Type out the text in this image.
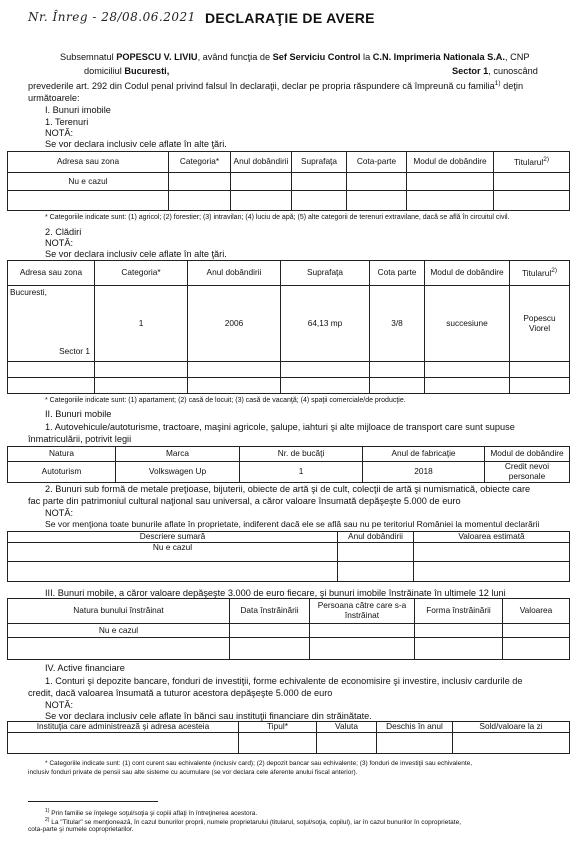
Nr. Înreg - 28/08.06.2021 DECLARAŢIE DE AVERE
Subsemnatul POPESCU V. LIVIU, având funcţia de Sef Serviciu Control la C.N. Imprimeria Nationala S.A., CNP
domiciliul Bucuresti,	Sector 1, cunoscând
prevederile art. 292 din Codul penal privind falsul în declaraţii, declar pe propria răspundere că împreună cu familia$^{1)}$ deţin
următoarele:
I. Bunuri imobile
1. Terenuri
NOTĂ:
Se vor declara inclusiv cele aflate în alte ţări.
Adresa sau zona	Categoria*	Anul dobândirii	Suprafaţa	Cota-parte	Modul de dobândire	Titularul$^{2)}$
Nu e cazul						

* Categoriile indicate sunt: (1) agricol; (2) forestier; (3) intravilan; (4) luciu de apă; (5) alte categorii de terenuri extravilane, dacă se află în circuitul civil.
2. Clădiri
NOTĂ:
Se vor declara inclusiv cele aflate în alte ţări.
Adresa sau zona	Categoria*	Anul dobândirii	Suprafaţa	Cota parte	Modul de dobândire	Titularul$^{2)}$

Bucuresti,
Sector 1	1	2006	64,13 mp	3/8	succesiune	Popescu Viorel

* Categoriile indicate sunt: (1) apartament; (2) casă de locuit; (3) casă de vacanţă; (4) spaţii comerciale/de producţie.
II. Bunuri mobile
1. Autovehicule/autoturisme, tractoare, maşini agricole, şalupe, iahturi şi alte mijloace de transport care sunt supuse
înmatriculării, potrivit legii
Natura	Marca	Nr. de bucăţi	Anul de fabricaţie	Modul de dobândire
Autoturism	Volkswagen Up	1	2018	Credit nevoi personale
2. Bunuri sub formă de metale preţioase, bijuterii, obiecte de artă şi de cult, colecţii de artă şi numismatică, obiecte care
fac parte din patrimoniul cultural naţional sau universal, a căror valoare însumată depăşeşte 5.000 de euro
NOTĂ:
Se vor menţiona toate bunurile aflate în proprietate, indiferent dacă ele se află sau nu pe teritoriul României la momentul declarării
Descriere sumară	Anul dobândirii	Valoarea estimată
Nu e cazul		

III. Bunuri mobile, a căror valoare depăşeşte 3.000 de euro fiecare, şi bunuri imobile înstrăinate în ultimele 12 luni
Natura bunului înstrăinat	Data înstrăinării	Persoana către care s-a înstrăinat	Forma înstrăinării	Valoarea
Nu e cazul				

IV. Active financiare
1. Conturi şi depozite bancare, fonduri de investiţii, forme echivalente de economisire şi investire, inclusiv cardurile de
credit, dacă valoarea însumată a tuturor acestora depăşeşte 5.000 de euro
NOTĂ:
Se vor declara inclusiv cele aflate în bănci sau instituţii financiare din străinătate.
Instituţia care administrează şi adresa acesteia	Tipul*	Valuta	Deschis în anul	Sold/valoare la zi

* Categoriile indicate sunt: (1) cont curent sau echivalente (inclusiv card); (2) depozit bancar sau echivalente; (3) fonduri de investiţii sau echivalente,
inclusiv fonduri private de pensii sau alte sisteme cu acumulare (se vor declara cele aferente anului fiscal anterior).
$^{1)}$ Prin familie se înţelege soţul/soţia şi copiii aflaţi în întreţinerea acestora.
$^{2)}$ La "Titular" se menţionează, în cazul bunurilor proprii, numele proprietarului (titularul, soţul/soţia, copilul), iar în cazul bunurilor în coproprietate,
cota-parte şi numele coproprietarilor.
